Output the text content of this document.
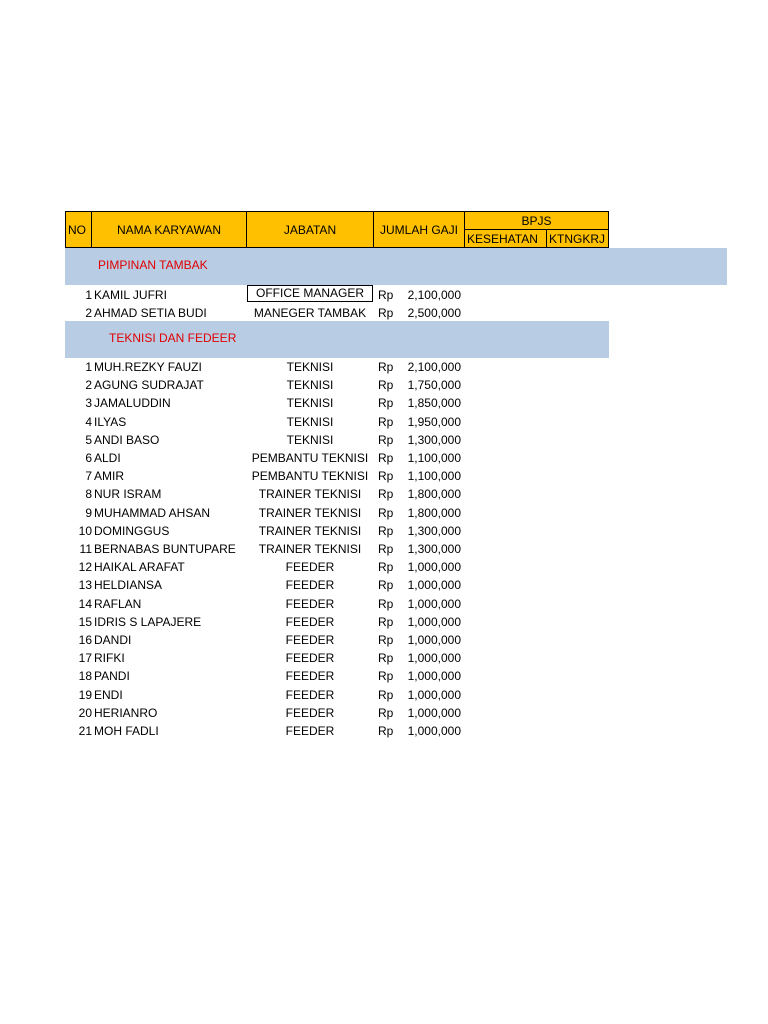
NO	NAMA KARYAWAN	JABATAN	JUMLAH GAJI
BPJS
KESEHATAN KTNGKRJ
PIMPINAN TAMBAK
1 KAMIL JUFRI	OFFICE MANAGER	Rp	2,100,000
2 AHMAD SETIA BUDI	MANEGER TAMBAK Rp	2,500,000
TEKNISI DAN FEDEER
1 MUH.REZKY FAUZI	TEKNISI	Rp	2,100,000
2 AGUNG SUDRAJAT	TEKNISI	Rp	1,750,000
3 JAMALUDDIN	TEKNISI	Rp	1,850,000
4 ILYAS	TEKNISI	Rp	1,950,000
5 ANDI BASO	TEKNISI	Rp	1,300,000
6 ALDI	PEMBANTU TEKNISI Rp	1,100,000
7 AMIR	PEMBANTU TEKNISI Rp	1,100,000
8 NUR ISRAM	TRAINER TEKNISI	Rp	1,800,000
9 MUHAMMAD AHSAN	TRAINER TEKNISI	Rp	1,800,000
10 DOMINGGUS	TRAINER TEKNISI	Rp	1,300,000
11 BERNABAS BUNTUPARE	TRAINER TEKNISI	Rp	1,300,000
12 HAIKAL ARAFAT	FEEDER	Rp	1,000,000
13 HELDIANSA	FEEDER	Rp	1,000,000
14 RAFLAN	FEEDER	Rp	1,000,000
15 IDRIS S LAPAJERE	FEEDER	Rp	1,000,000
16 DANDI	FEEDER	Rp	1,000,000
17 RIFKI	FEEDER	Rp	1,000,000
18 PANDI	FEEDER	Rp	1,000,000
19 ENDI	FEEDER	Rp	1,000,000
20 HERIANRO	FEEDER	Rp	1,000,000
21 MOH FADLI	FEEDER	Rp	1,000,000
